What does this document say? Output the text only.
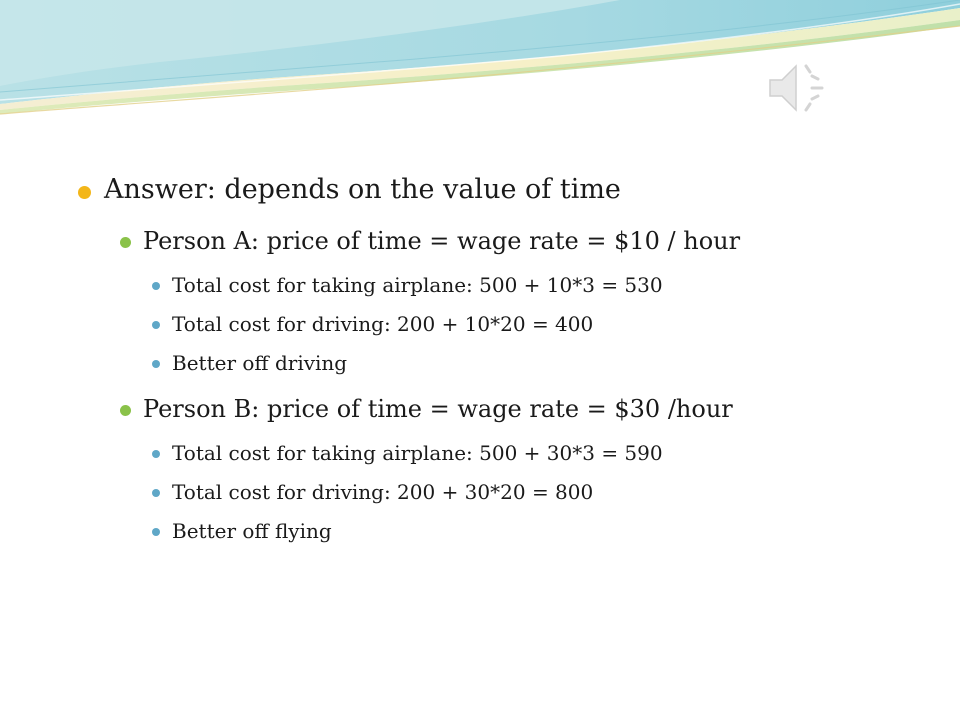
Answer: depends on the value of time
Person A: price of time = wage rate = $10 / hour
Total cost for taking airplane: 500 + 10*3 = 530
Total cost for driving: 200 + 10*20 = 400
Better off driving
Person B: price of time = wage rate = $30 /hour
Total cost for taking airplane: 500 + 30*3 = 590
Total cost for driving: 200 + 30*20 = 800
Better off flying
